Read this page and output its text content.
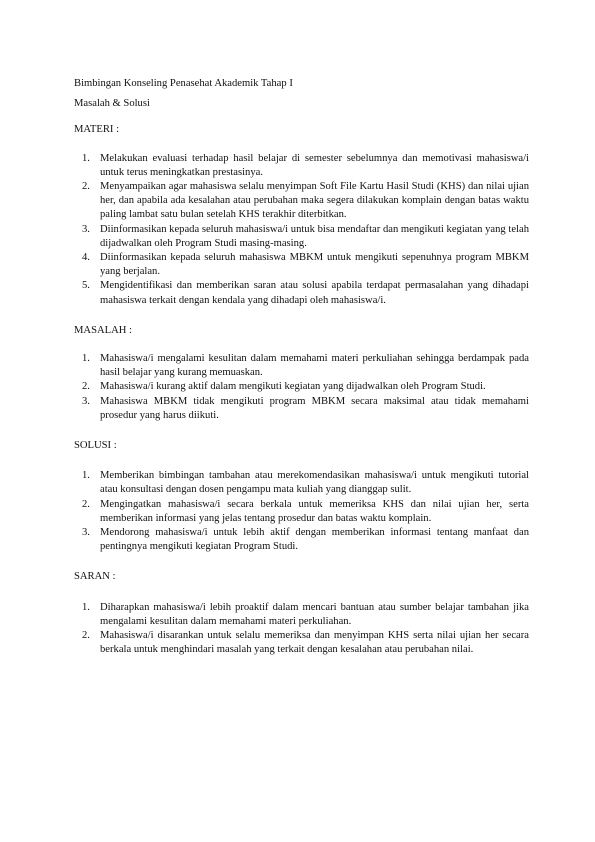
Bimbingan Konseling Penasehat Akademik Tahap I

Masalah & Solusi

MATERI :

1. Melakukan evaluasi terhadap hasil belajar di semester sebelumnya dan memotivasi mahasiswa/i untuk terus meningkatkan prestasinya.
2. Menyampaikan agar mahasiswa selalu menyimpan Soft File Kartu Hasil Studi (KHS) dan nilai ujian her, dan apabila ada kesalahan atau perubahan maka segera dilakukan komplain dengan batas waktu paling lambat satu bulan setelah KHS terakhir diterbitkan.
3. Diinformasikan kepada seluruh mahasiswa/i untuk bisa mendaftar dan mengikuti kegiatan yang telah dijadwalkan oleh Program Studi masing-masing.
4. Diinformasikan kepada seluruh mahasiswa MBKM untuk mengikuti sepenuhnya program MBKM yang berjalan.
5. Mengidentifikasi dan memberikan saran atau solusi apabila terdapat permasalahan yang dihadapi mahasiswa terkait dengan kendala yang dihadapi oleh mahasiswa/i.

MASALAH :

1. Mahasiswa/i mengalami kesulitan dalam memahami materi perkuliahan sehingga berdampak pada hasil belajar yang kurang memuaskan.
2. Mahasiswa/i kurang aktif dalam mengikuti kegiatan yang dijadwalkan oleh Program Studi.
3. Mahasiswa MBKM tidak mengikuti program MBKM secara maksimal atau tidak memahami prosedur yang harus diikuti.

SOLUSI :

1. Memberikan bimbingan tambahan atau merekomendasikan mahasiswa/i untuk mengikuti tutorial atau konsultasi dengan dosen pengampu mata kuliah yang dianggap sulit.
2. Mengingatkan mahasiswa/i secara berkala untuk memeriksa KHS dan nilai ujian her, serta memberikan informasi yang jelas tentang prosedur dan batas waktu komplain.
3. Mendorong mahasiswa/i untuk lebih aktif dengan memberikan informasi tentang manfaat dan pentingnya mengikuti kegiatan Program Studi.

SARAN :

1. Diharapkan mahasiswa/i lebih proaktif dalam mencari bantuan atau sumber belajar tambahan jika mengalami kesulitan dalam memahami materi perkuliahan.
2. Mahasiswa/i disarankan untuk selalu memeriksa dan menyimpan KHS serta nilai ujian her secara berkala untuk menghindari masalah yang terkait dengan kesalahan atau perubahan nilai.
